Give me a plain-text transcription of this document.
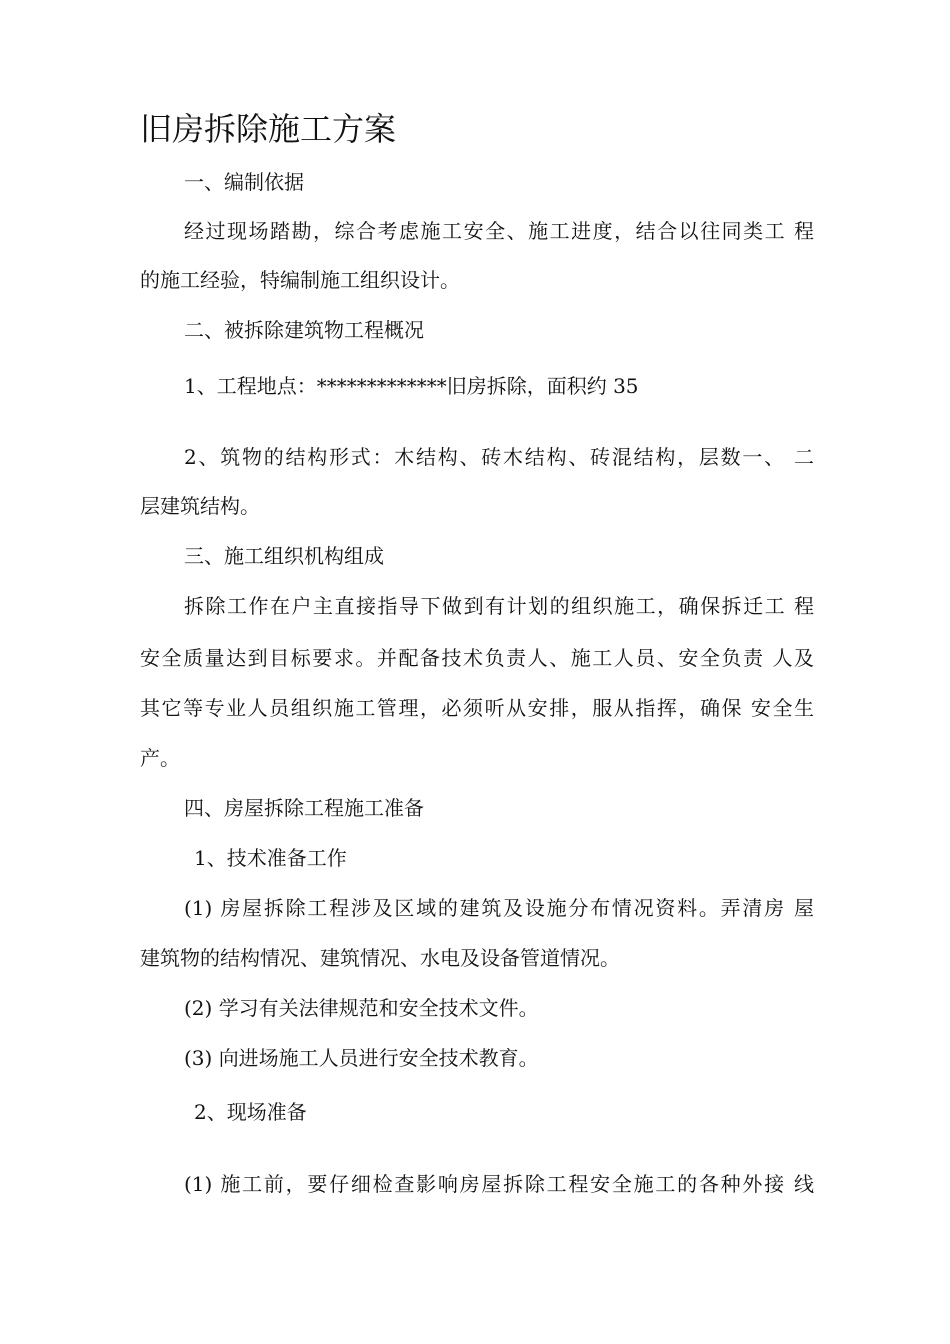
旧房拆除施工方案
一、编制依据
经过现场踏勘，综合考虑施工安全、施工进度，结合以往同类工 程
的施工经验，特编制施工组织设计。
二、被拆除建筑物工程概况
1、工程地点：*************旧房拆除，面积约 35
2、筑物的结构形式：木结构、砖木结构、砖混结构，层数一、 二
层建筑结构。
三、施工组织机构组成
拆除工作在户主直接指导下做到有计划的组织施工，确保拆迁工 程
安全质量达到目标要求。并配备技术负责人、施工人员、安全负责 人及
其它等专业人员组织施工管理，必须听从安排，服从指挥，确保 安全生
产。
四、房屋拆除工程施工准备
1、技术准备工作
(1) 房屋拆除工程涉及区域的建筑及设施分布情况资料。弄清房 屋
建筑物的结构情况、建筑情况、水电及设备管道情况。
(2) 学习有关法律规范和安全技术文件。
(3) 向进场施工人员进行安全技术教育。
2、现场准备
(1) 施工前，要仔细检查影响房屋拆除工程安全施工的各种外接 线
